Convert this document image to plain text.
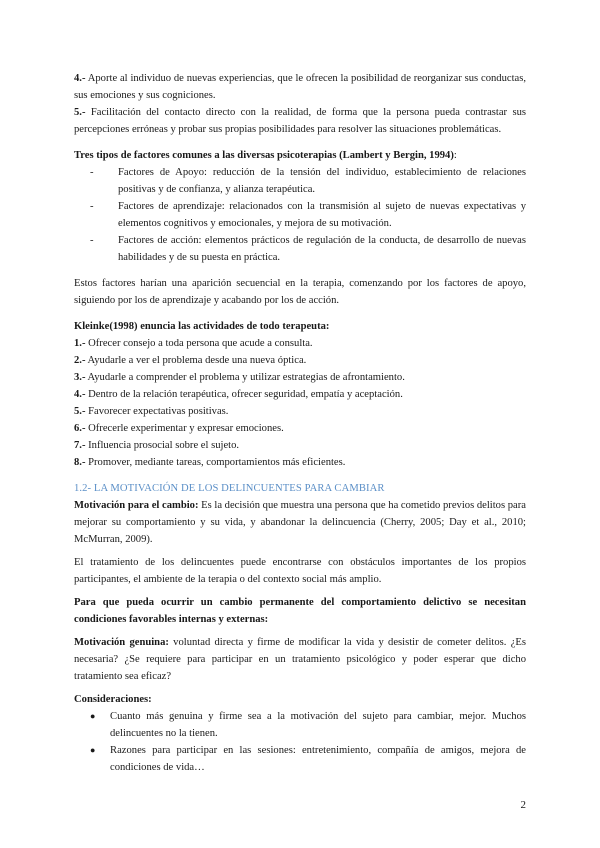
4.- Aporte al individuo de nuevas experiencias, que le ofrecen la posibilidad de reorganizar sus conductas, sus emociones y sus cogniciones.

5.- Facilitación del contacto directo con la realidad, de forma que la persona pueda contrastar sus percepciones erróneas y probar sus propias posibilidades para resolver las situaciones problemáticas.

Tres tipos de factores comunes a las diversas psicoterapias (Lambert y Bergin, 1994):

- Factores de Apoyo: reducción de la tensión del individuo, establecimiento de relaciones positivas y de confianza, y alianza terapéutica.
- Factores de aprendizaje: relacionados con la transmisión al sujeto de nuevas expectativas y elementos cognitivos y emocionales, y mejora de su motivación.
- Factores de acción: elementos prácticos de regulación de la conducta, de desarrollo de nuevas habilidades y de su puesta en práctica.

Estos factores harían una aparición secuencial en la terapia, comenzando por los factores de apoyo, siguiendo por los de aprendizaje y acabando por los de acción.

Kleinke(1998) enuncia las actividades de todo terapeuta:

1.- Ofrecer consejo a toda persona que acude a consulta.

2.- Ayudarle a ver el problema desde una nueva óptica.

3.- Ayudarle a comprender el problema y utilizar estrategias de afrontamiento.

4.- Dentro de la relación terapéutica, ofrecer seguridad, empatía y aceptación.

5.- Favorecer expectativas positivas.

6.- Ofrecerle experimentar y expresar emociones.

7.- Influencia prosocial sobre el sujeto.

8.- Promover, mediante tareas, comportamientos más eficientes.

1.2- LA MOTIVACIÓN DE LOS DELINCUENTES PARA CAMBIAR

Motivación para el cambio: Es la decisión que muestra una persona que ha cometido previos delitos para mejorar su comportamiento y su vida, y abandonar la delincuencia (Cherry, 2005; Day et al., 2010; McMurran, 2009).

El tratamiento de los delincuentes puede encontrarse con obstáculos importantes de los propios participantes, el ambiente de la terapia o del contexto social más amplio.

Para que pueda ocurrir un cambio permanente del comportamiento delictivo se necesitan condiciones favorables internas y externas:

Motivación genuina: voluntad directa y firme de modificar la vida y desistir de cometer delitos. ¿Es necesaria? ¿Se requiere para participar en un tratamiento psicológico y poder esperar que dicho tratamiento sea eficaz?

Consideraciones:

● Cuanto más genuina y firme sea a la motivación del sujeto para cambiar, mejor. Muchos delincuentes no la tienen.
● Razones para participar en las sesiones: entretenimiento, compañía de amigos, mejora de condiciones de vida…
2
